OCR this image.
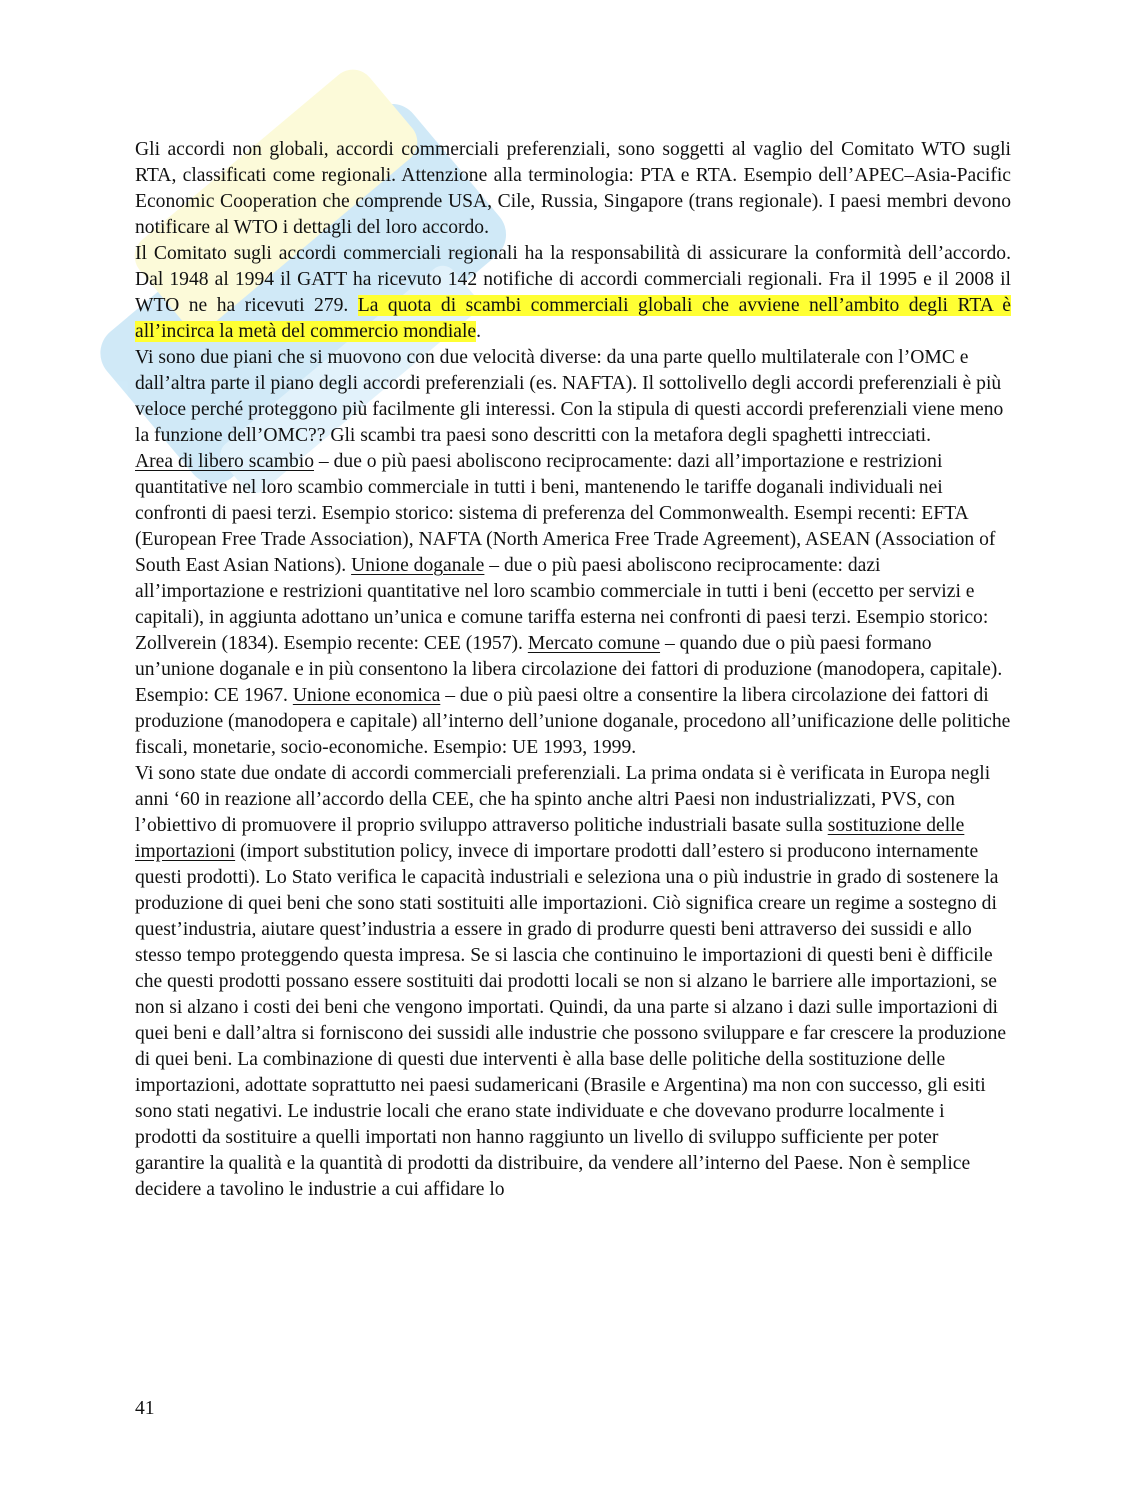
Gli accordi non globali, accordi commerciali preferenziali, sono soggetti al vaglio del Comitato WTO sugli RTA, classificati come regionali. Attenzione alla terminologia: PTA e RTA. Esempio dell’APEC–Asia-Pacific Economic Cooperation che comprende USA, Cile, Russia, Singapore (trans regionale). I paesi membri devono notificare al WTO i dettagli del loro accordo.

Il Comitato sugli accordi commerciali regionali ha la responsabilità di assicurare la conformità dell’accordo. Dal 1948 al 1994 il GATT ha ricevuto 142 notifiche di accordi commerciali regionali. Fra il 1995 e il 2008 il WTO ne ha ricevuti 279. La quota di scambi commerciali globali che avviene nell’ambito degli RTA è all’incirca la metà del commercio mondiale.

Vi sono due piani che si muovono con due velocità diverse: da una parte quello multilaterale con l’OMC e dall’altra parte il piano degli accordi preferenziali (es. NAFTA). Il sottolivello degli accordi preferenziali è più veloce perché proteggono più facilmente gli interessi. Con la stipula di questi accordi preferenziali viene meno la funzione dell’OMC?? Gli scambi tra paesi sono descritti con la metafora degli spaghetti intrecciati.

Area di libero scambio – due o più paesi aboliscono reciprocamente: dazi all’importazione e restrizioni quantitative nel loro scambio commerciale in tutti i beni, mantenendo le tariffe doganali individuali nei confronti di paesi terzi. Esempio storico: sistema di preferenza del Commonwealth. Esempi recenti: EFTA (European Free Trade Association), NAFTA (North America Free Trade Agreement), ASEAN (Association of South East Asian Nations). Unione doganale – due o più paesi aboliscono reciprocamente: dazi all’importazione e restrizioni quantitative nel loro scambio commerciale in tutti i beni (eccetto per servizi e capitali), in aggiunta adottano un’unica e comune tariffa esterna nei confronti di paesi terzi. Esempio storico: Zollverein (1834). Esempio recente: CEE (1957). Mercato comune – quando due o più paesi formano un’unione doganale e in più consentono la libera circolazione dei fattori di produzione (manodopera, capitale). Esempio: CE 1967. Unione economica – due o più paesi oltre a consentire la libera circolazione dei fattori di produzione (manodopera e capitale) all’interno dell’unione doganale, procedono all’unificazione delle politiche fiscali, monetarie, socio-economiche. Esempio: UE 1993, 1999.

Vi sono state due ondate di accordi commerciali preferenziali. La prima ondata si è verificata in Europa negli anni ‘60 in reazione all’accordo della CEE, che ha spinto anche altri Paesi non industrializzati, PVS, con l’obiettivo di promuovere il proprio sviluppo attraverso politiche industriali basate sulla sostituzione delle importazioni (import substitution policy, invece di importare prodotti dall’estero si producono internamente questi prodotti). Lo Stato verifica le capacità industriali e seleziona una o più industrie in grado di sostenere la produzione di quei beni che sono stati sostituiti alle importazioni. Ciò significa creare un regime a sostegno di quest’industria, aiutare quest’industria a essere in grado di produrre questi beni attraverso dei sussidi e allo stesso tempo proteggendo questa impresa. Se si lascia che continuino le importazioni di questi beni è difficile che questi prodotti possano essere sostituiti dai prodotti locali se non si alzano le barriere alle importazioni, se non si alzano i costi dei beni che vengono importati. Quindi, da una parte si alzano i dazi sulle importazioni di quei beni e dall’altra si forniscono dei sussidi alle industrie che possono sviluppare e far crescere la produzione di quei beni. La combinazione di questi due interventi è alla base delle politiche della sostituzione delle importazioni, adottate soprattutto nei paesi sudamericani (Brasile e Argentina) ma non con successo, gli esiti sono stati negativi. Le industrie locali che erano state individuate e che dovevano produrre localmente i prodotti da sostituire a quelli importati non hanno raggiunto un livello di sviluppo sufficiente per poter garantire la qualità e la quantità di prodotti da distribuire, da vendere all’interno del Paese. Non è semplice decidere a tavolino le industrie a cui affidare lo

41
